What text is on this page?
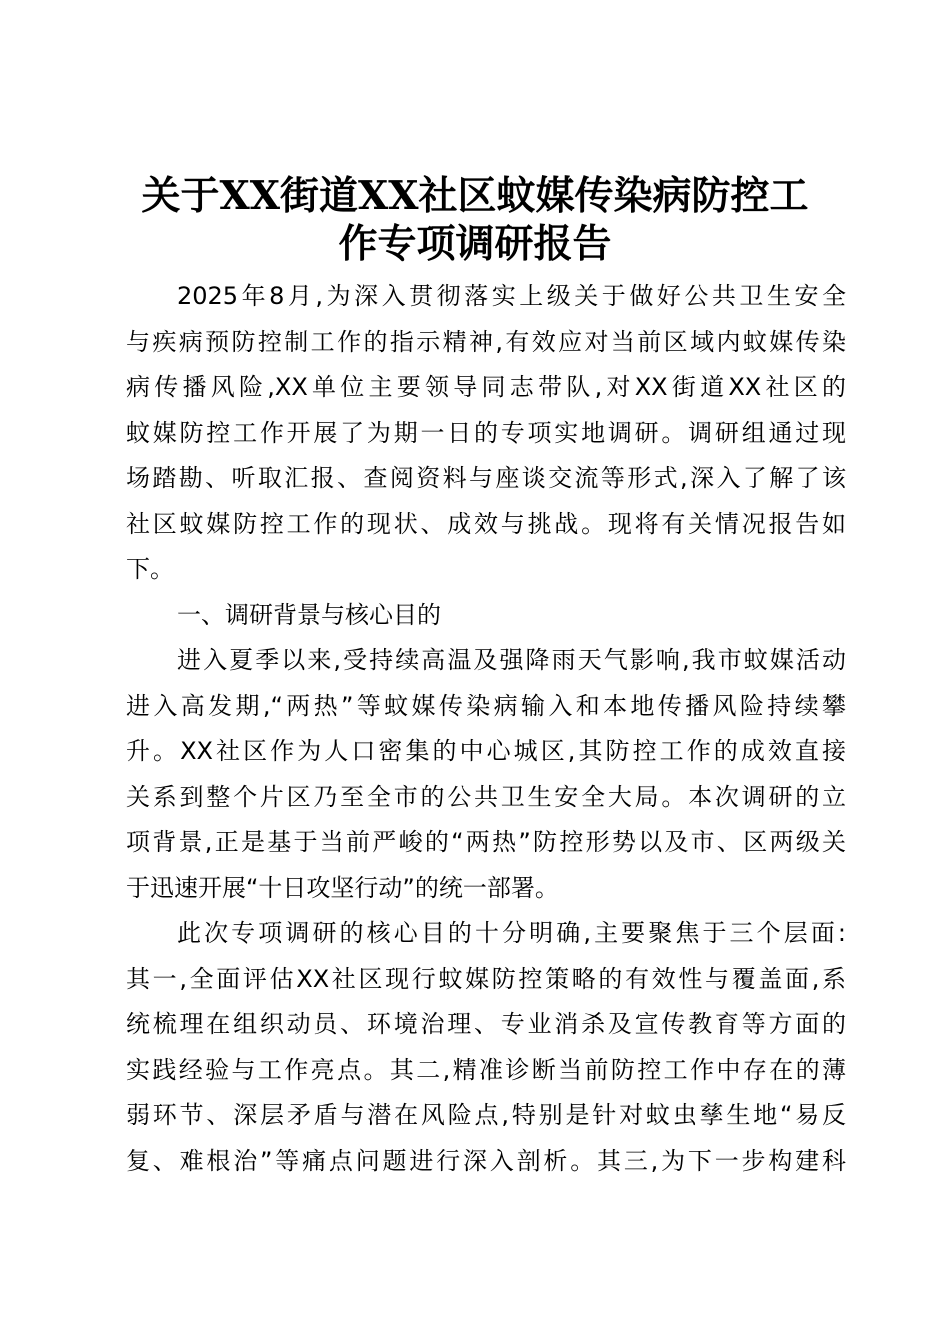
关于XX街道XX社区蚊媒传染病防控工
作专项调研报告
2025年8月,为深入贯彻落实上级关于做好公共卫生安全
与疾病预防控制工作的指示精神,有效应对当前区域内蚊媒传染
病传播风险,XX单位主要领导同志带队,对XX街道XX社区的
蚊媒防控工作开展了为期一日的专项实地调研。调研组通过现
场踏勘、听取汇报、查阅资料与座谈交流等形式,深入了解了该
社区蚊媒防控工作的现状、成效与挑战。现将有关情况报告如
下。
一、调研背景与核心目的
进入夏季以来,受持续高温及强降雨天气影响,我市蚊媒活动
进入高发期,“两热”等蚊媒传染病输入和本地传播风险持续攀
升。XX社区作为人口密集的中心城区,其防控工作的成效直接
关系到整个片区乃至全市的公共卫生安全大局。本次调研的立
项背景,正是基于当前严峻的“两热”防控形势以及市、区两级关
于迅速开展“十日攻坚行动”的统一部署。
此次专项调研的核心目的十分明确,主要聚焦于三个层面:
其一,全面评估XX社区现行蚊媒防控策略的有效性与覆盖面,系
统梳理在组织动员、环境治理、专业消杀及宣传教育等方面的
实践经验与工作亮点。其二,精准诊断当前防控工作中存在的薄
弱环节、深层矛盾与潜在风险点,特别是针对蚊虫孳生地“易反
复、难根治”等痛点问题进行深入剖析。其三,为下一步构建科
